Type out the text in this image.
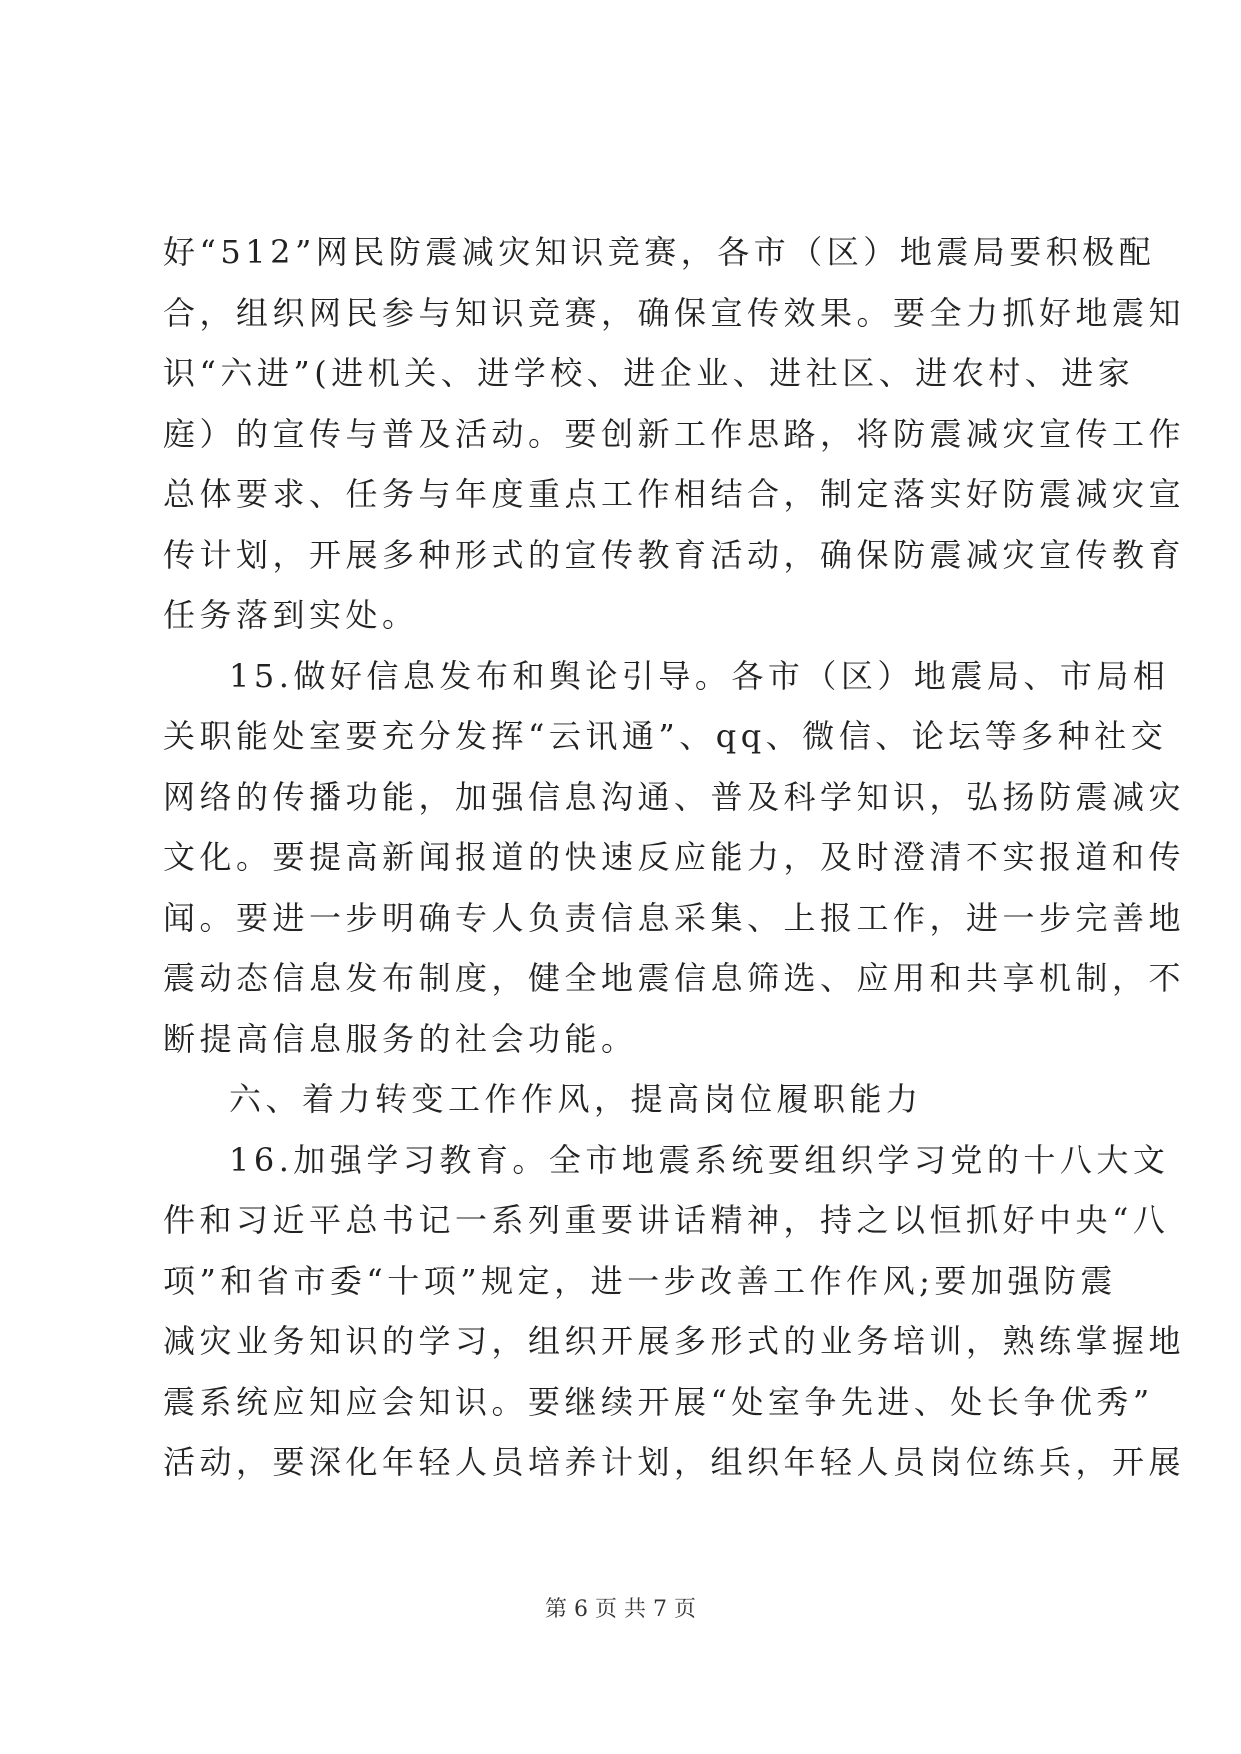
好“512”网民防震减灾知识竞赛，各市（区）地震局要积极配
合，组织网民参与知识竞赛，确保宣传效果。要全力抓好地震知
识“六进”(进机关、进学校、进企业、进社区、进农村、进家
庭）的宣传与普及活动。要创新工作思路，将防震减灾宣传工作
总体要求、任务与年度重点工作相结合，制定落实好防震减灾宣
传计划，开展多种形式的宣传教育活动，确保防震减灾宣传教育
任务落到实处。
15.做好信息发布和舆论引导。各市（区）地震局、市局相
关职能处室要充分发挥“云讯通”、qq、微信、论坛等多种社交
网络的传播功能，加强信息沟通、普及科学知识，弘扬防震减灾
文化。要提高新闻报道的快速反应能力，及时澄清不实报道和传
闻。要进一步明确专人负责信息采集、上报工作，进一步完善地
震动态信息发布制度，健全地震信息筛选、应用和共享机制，不
断提高信息服务的社会功能。
六、着力转变工作作风，提高岗位履职能力
16.加强学习教育。全市地震系统要组织学习党的十八大文
件和习近平总书记一系列重要讲话精神，持之以恒抓好中央“八
项”和省市委“十项”规定，进一步改善工作作风;要加强防震
减灾业务知识的学习，组织开展多形式的业务培训，熟练掌握地
震系统应知应会知识。要继续开展“处室争先进、处长争优秀”
活动，要深化年轻人员培养计划，组织年轻人员岗位练兵，开展
第 6 页 共 7 页
